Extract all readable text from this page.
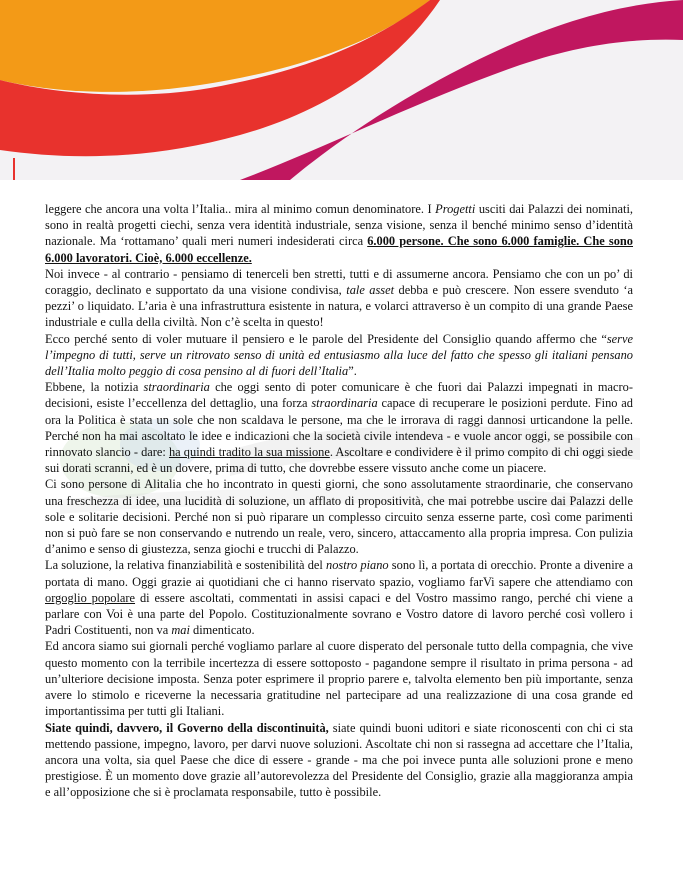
leggere che ancora una volta l’Italia.. mira al minimo comun denominatore. I Progetti usciti dai Palazzi dei nominati, sono in realtà progetti ciechi, senza vera identità industriale, senza visione, senza il benché minimo senso d’identità nazionale. Ma ‘rottamano’ quali meri numeri indesiderati circa 6.000 persone. Che sono 6.000 famiglie. Che sono 6.000 lavoratori. Cioè, 6.000 eccellenze.

Noi invece - al contrario - pensiamo di tenerceli ben stretti, tutti e di assumerne ancora. Pensiamo che con un po’ di coraggio, declinato e supportato da una visione condivisa, tale asset debba e può crescere. Non essere svenduto ‘a pezzi’ o liquidato. L’aria è una infrastruttura esistente in natura, e volarci attraverso è un compito di una grande Paese industriale e culla della civiltà. Non c’è scelta in questo!

Ecco perché sento di voler mutuare il pensiero e le parole del Presidente del Consiglio quando affermo che “serve l’impegno di tutti, serve un ritrovato senso di unità ed entusiasmo alla luce del fatto che spesso gli italiani pensano dell’Italia molto peggio di cosa pensino al di fuori dell’Italia”.

Ebbene, la notizia straordinaria che oggi sento di poter comunicare è che fuori dai Palazzi impegnati in macro-decisioni, esiste l’eccellenza del dettaglio, una forza straordinaria capace di recuperare le posizioni perdute. Fino ad ora la Politica è stata un sole che non scaldava le persone, ma che le irrorava di raggi dannosi urticandone la pelle. Perché non ha mai ascoltato le idee e indicazioni che la società civile intendeva - e vuole ancor oggi, se possibile con rinnovato slancio - dare: ha quindi tradito la sua missione. Ascoltare e condividere è il primo compito di chi oggi siede sui dorati scranni, ed è un dovere, prima di tutto, che dovrebbe essere vissuto anche come un piacere.

Ci sono persone di Alitalia che ho incontrato in questi giorni, che sono assolutamente straordinarie, che conservano una freschezza di idee, una lucidità di soluzione, un afflato di propositività, che mai potrebbe uscire dai Palazzi delle sole e solitarie decisioni. Perché non si può riparare un complesso circuito senza esserne parte, così come parimenti non si può fare se non conservando e nutrendo un reale, vero, sincero, attaccamento alla propria impresa. Con pulizia d’animo e senso di giustezza, senza giochi e trucchi di Palazzo.

La soluzione, la relativa finanziabilità e sostenibilità del nostro piano sono lì, a portata di orecchio. Pronte a divenire a portata di mano. Oggi grazie ai quotidiani che ci hanno riservato spazio, vogliamo farVi sapere che attendiamo con orgoglio popolare di essere ascoltati, commentati in assisi capaci e del Vostro massimo rango, perché chi viene a parlare con Voi è una parte del Popolo. Costituzionalmente sovrano e Vostro datore di lavoro perché così vollero i Padri Costituenti, non va mai dimenticato.

Ed ancora siamo sui giornali perché vogliamo parlare al cuore disperato del personale tutto della compagnia, che vive questo momento con la terribile incertezza di essere sottoposto - pagandone sempre il risultato in prima persona - ad un’ulteriore decisione imposta. Senza poter esprimere il proprio parere e, talvolta elemento ben più importante, senza avere lo stimolo e riceverne la necessaria gratitudine nel partecipare ad una realizzazione di una cosa grande ed importantissima per tutti gli Italiani.

Siate quindi, davvero, il Governo della discontinuità, siate quindi buoni uditori e siate riconoscenti con chi ci sta mettendo passione, impegno, lavoro, per darvi nuove soluzioni. Ascoltate chi non si rassegna ad accettare che l’Italia, ancora una volta, sia quel Paese che dice di essere - grande - ma che poi invece punta alle soluzioni prone e meno prestigiose. È un momento dove grazie all’autorevolezza del Presidente del Consiglio, grazie alla maggioranza ampia e all’opposizione che si è proclamata responsabile, tutto è possibile.
